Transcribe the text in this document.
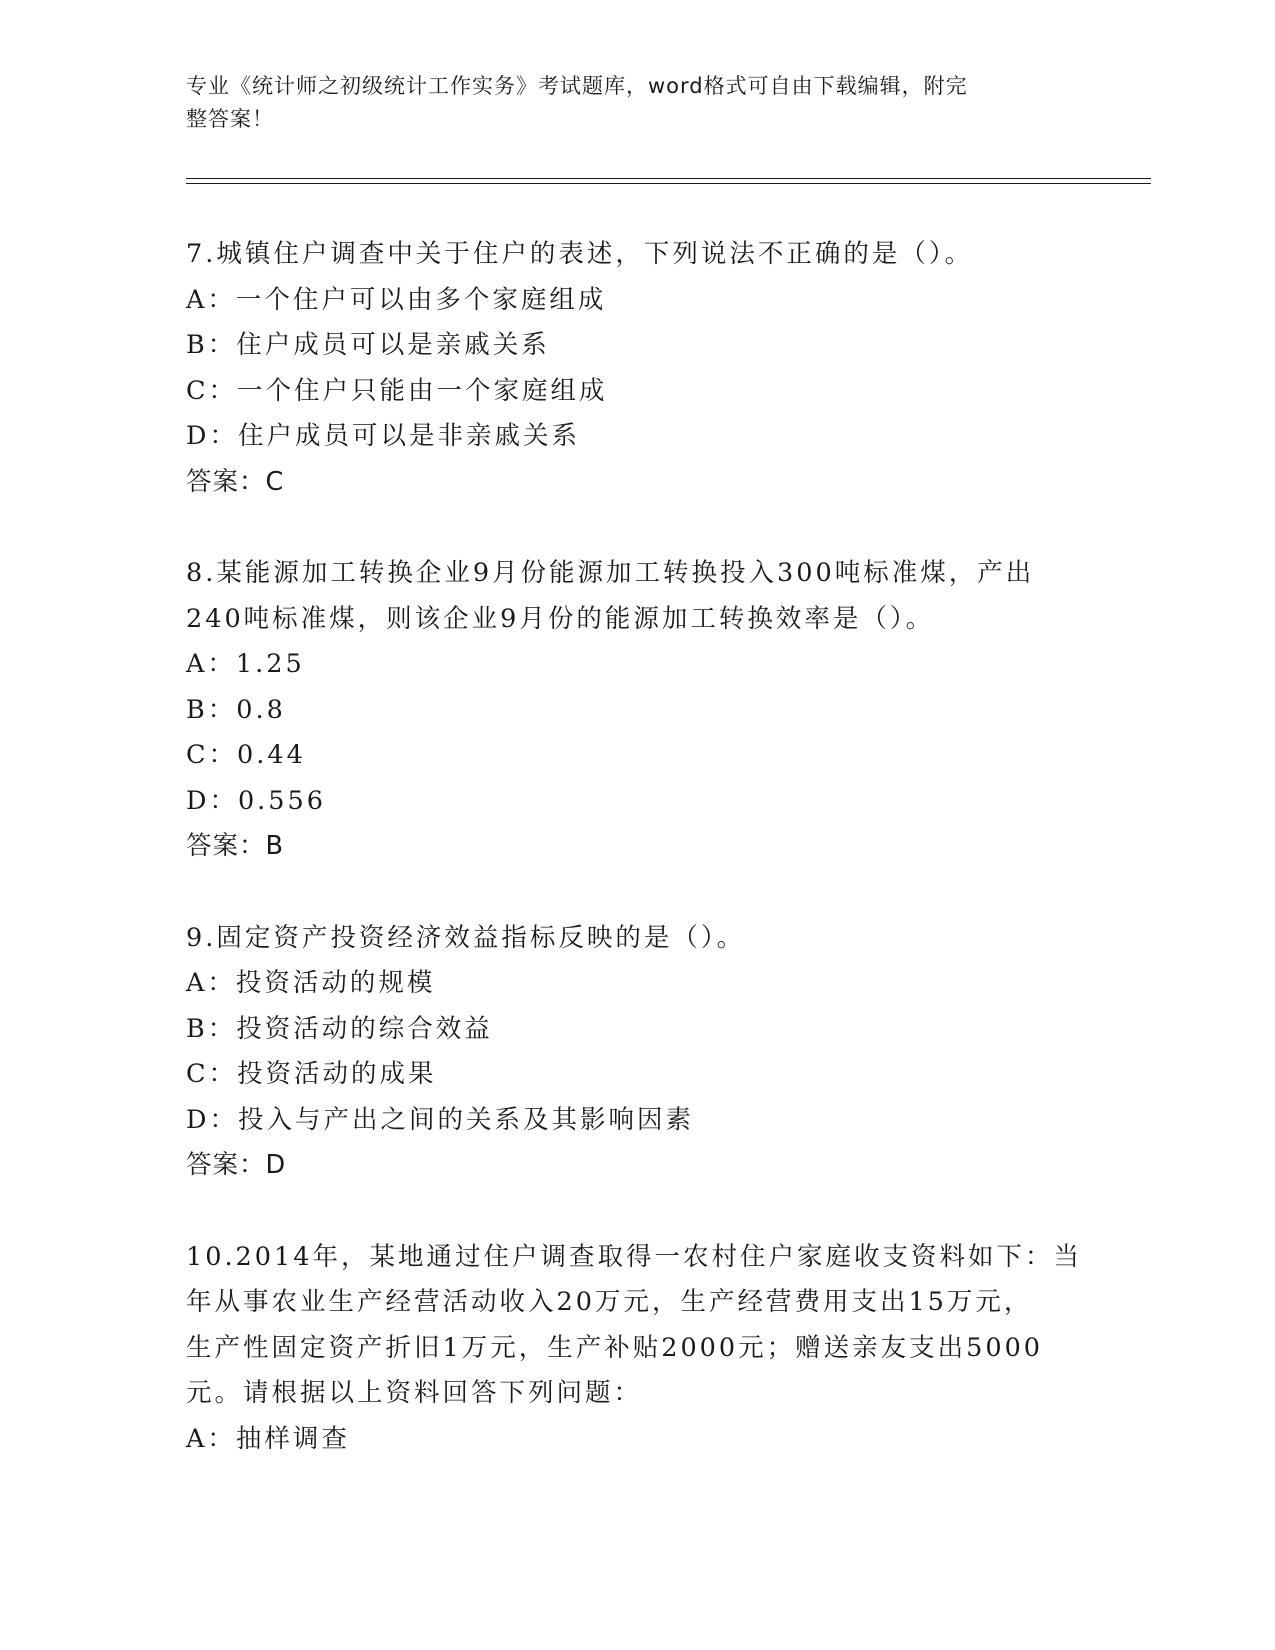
专业《统计师之初级统计工作实务》考试题库，word格式可自由下载编辑，附完
整答案！
7.城镇住户调查中关于住户的表述，下列说法不正确的是（）。
A：一个住户可以由多个家庭组成
B：住户成员可以是亲戚关系
C：一个住户只能由一个家庭组成
D：住户成员可以是非亲戚关系
答案：C
8.某能源加工转换企业9月份能源加工转换投入300吨标准煤，产出
240吨标准煤，则该企业9月份的能源加工转换效率是（）。
A：1.25
B：0.8
C：0.44
D：0.556
答案：B
9.固定资产投资经济效益指标反映的是（）。
A：投资活动的规模
B：投资活动的综合效益
C：投资活动的成果
D：投入与产出之间的关系及其影响因素
答案：D
10.2014年，某地通过住户调查取得一农村住户家庭收支资料如下：当
年从事农业生产经营活动收入20万元，生产经营费用支出15万元，
生产性固定资产折旧1万元，生产补贴2000元；赠送亲友支出5000
元。请根据以上资料回答下列问题：
A：抽样调查
